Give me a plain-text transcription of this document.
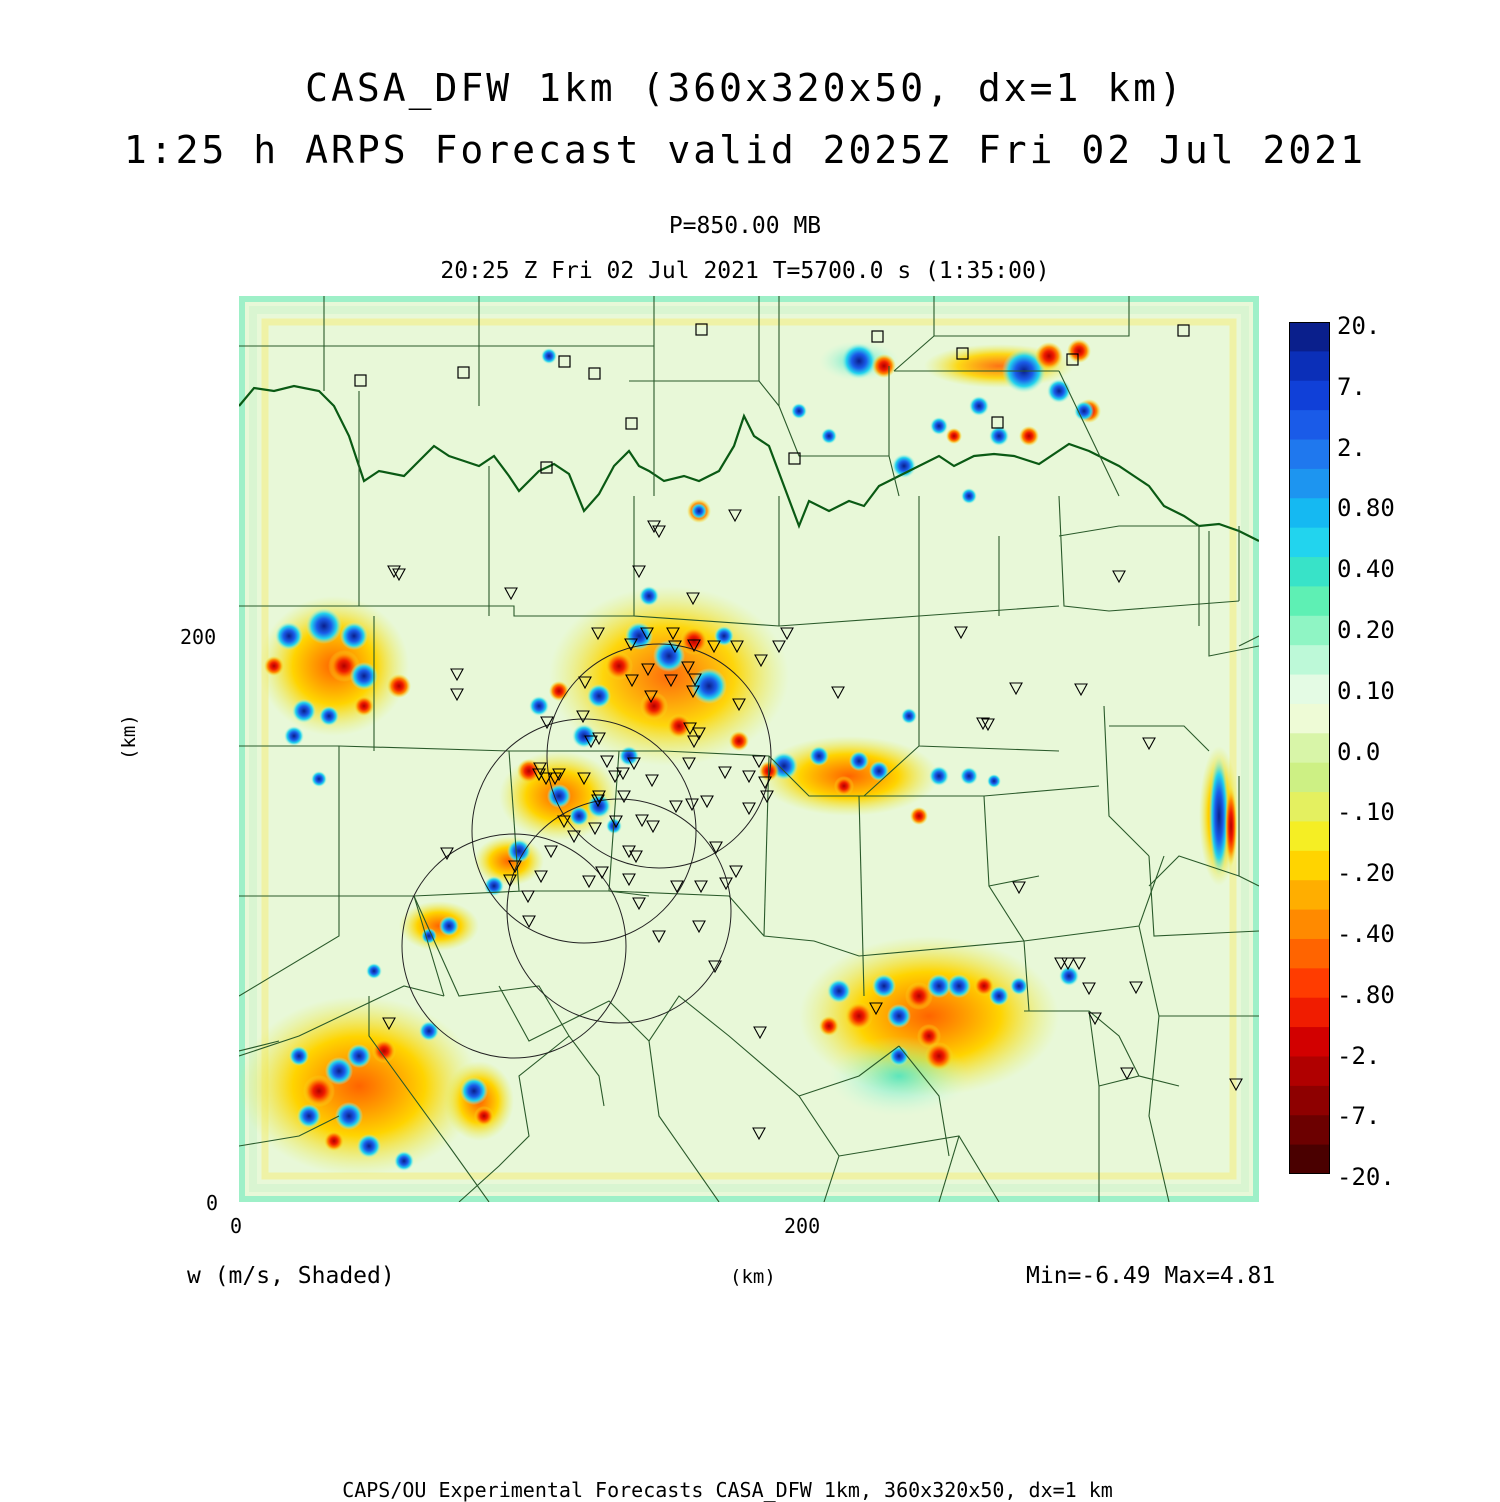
CASA_DFW 1km (360x320x50, dx=1 km)
1:25 h ARPS Forecast valid 2025Z Fri 02 Jul 2021
P=850.00 MB
20:25 Z Fri 02 Jul 2021 T=5700.0 s (1:35:00)
(km)
200
0
0	200
(km)
w (m/s, Shaded)	Min=-6.49 Max=4.81
20.
7.
2.
0.80
0.40
0.20
0.10
0.0
-.10
-.20
-.40
-.80
-2.
-7.
-20.
CAPS/OU Experimental Forecasts CASA_DFW 1km, 360x320x50, dx=1 km
